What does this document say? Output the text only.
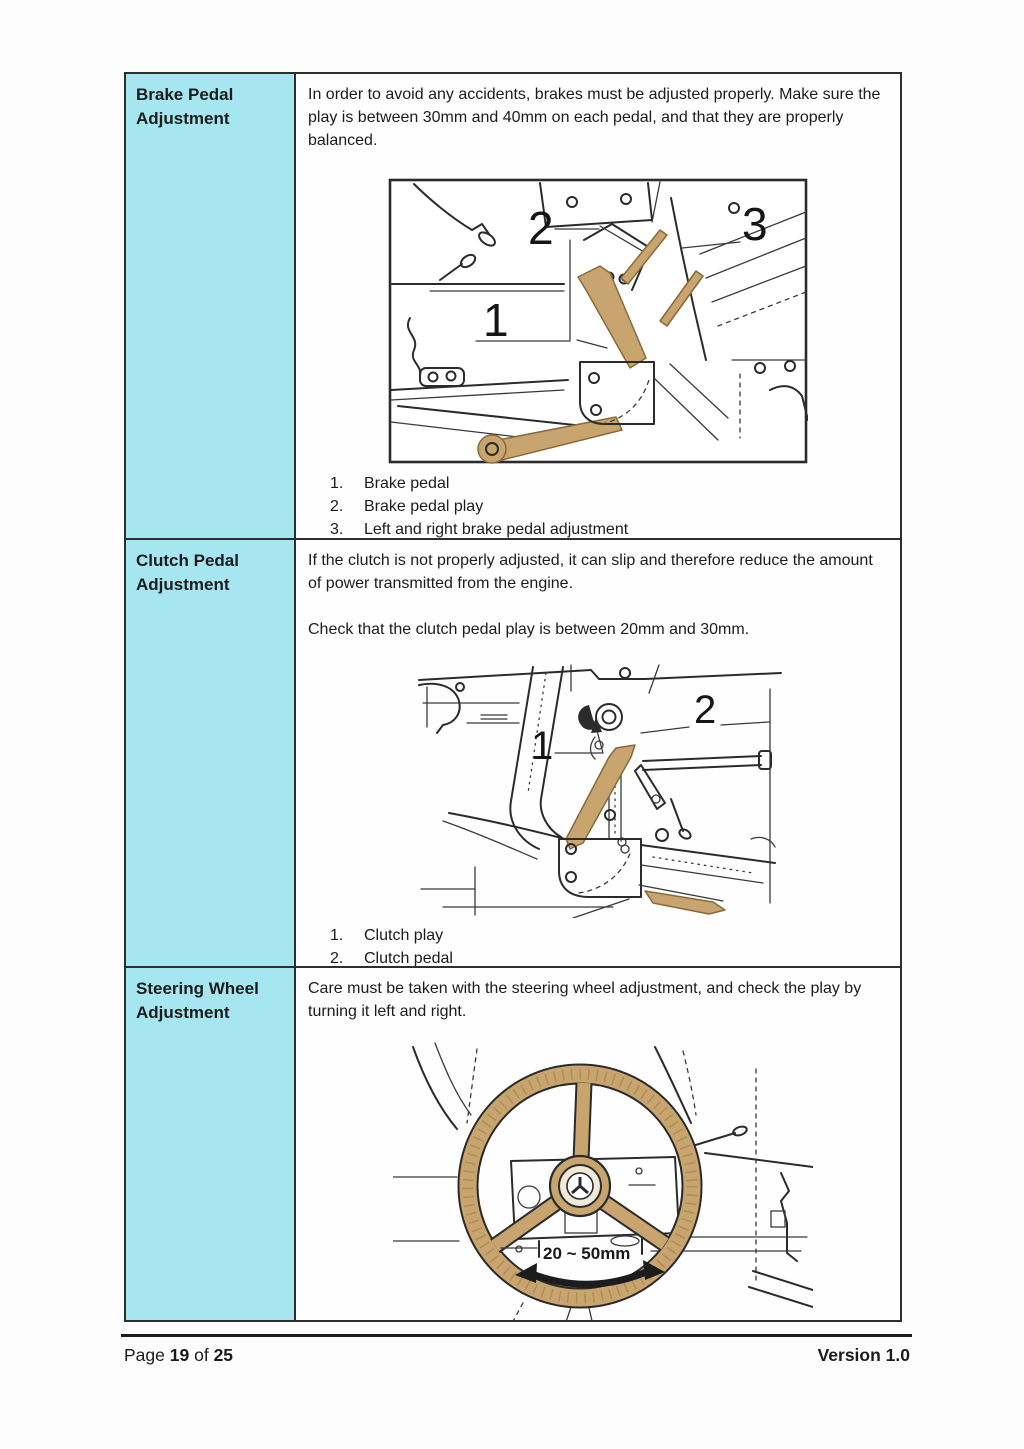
Brake Pedal Adjustment

In order to avoid any accidents, brakes must be adjusted properly. Make sure the play is between 30mm and 40mm on each pedal, and that they are properly balanced.

2	3
1
1.	Brake pedal
2.	Brake pedal play
3.	Left and right brake pedal adjustment
Clutch Pedal Adjustment

If the clutch is not properly adjusted, it can slip and therefore reduce the amount of power transmitted from the engine.

Check that the clutch pedal play is between 20mm and 30mm.

1
2
1.	Clutch play
2.	Clutch pedal
Steering Wheel Adjustment

Care must be taken with the steering wheel adjustment, and check the play by turning it left and right.

20 ~ 50mm
Page 19 of 25	Version 1.0
